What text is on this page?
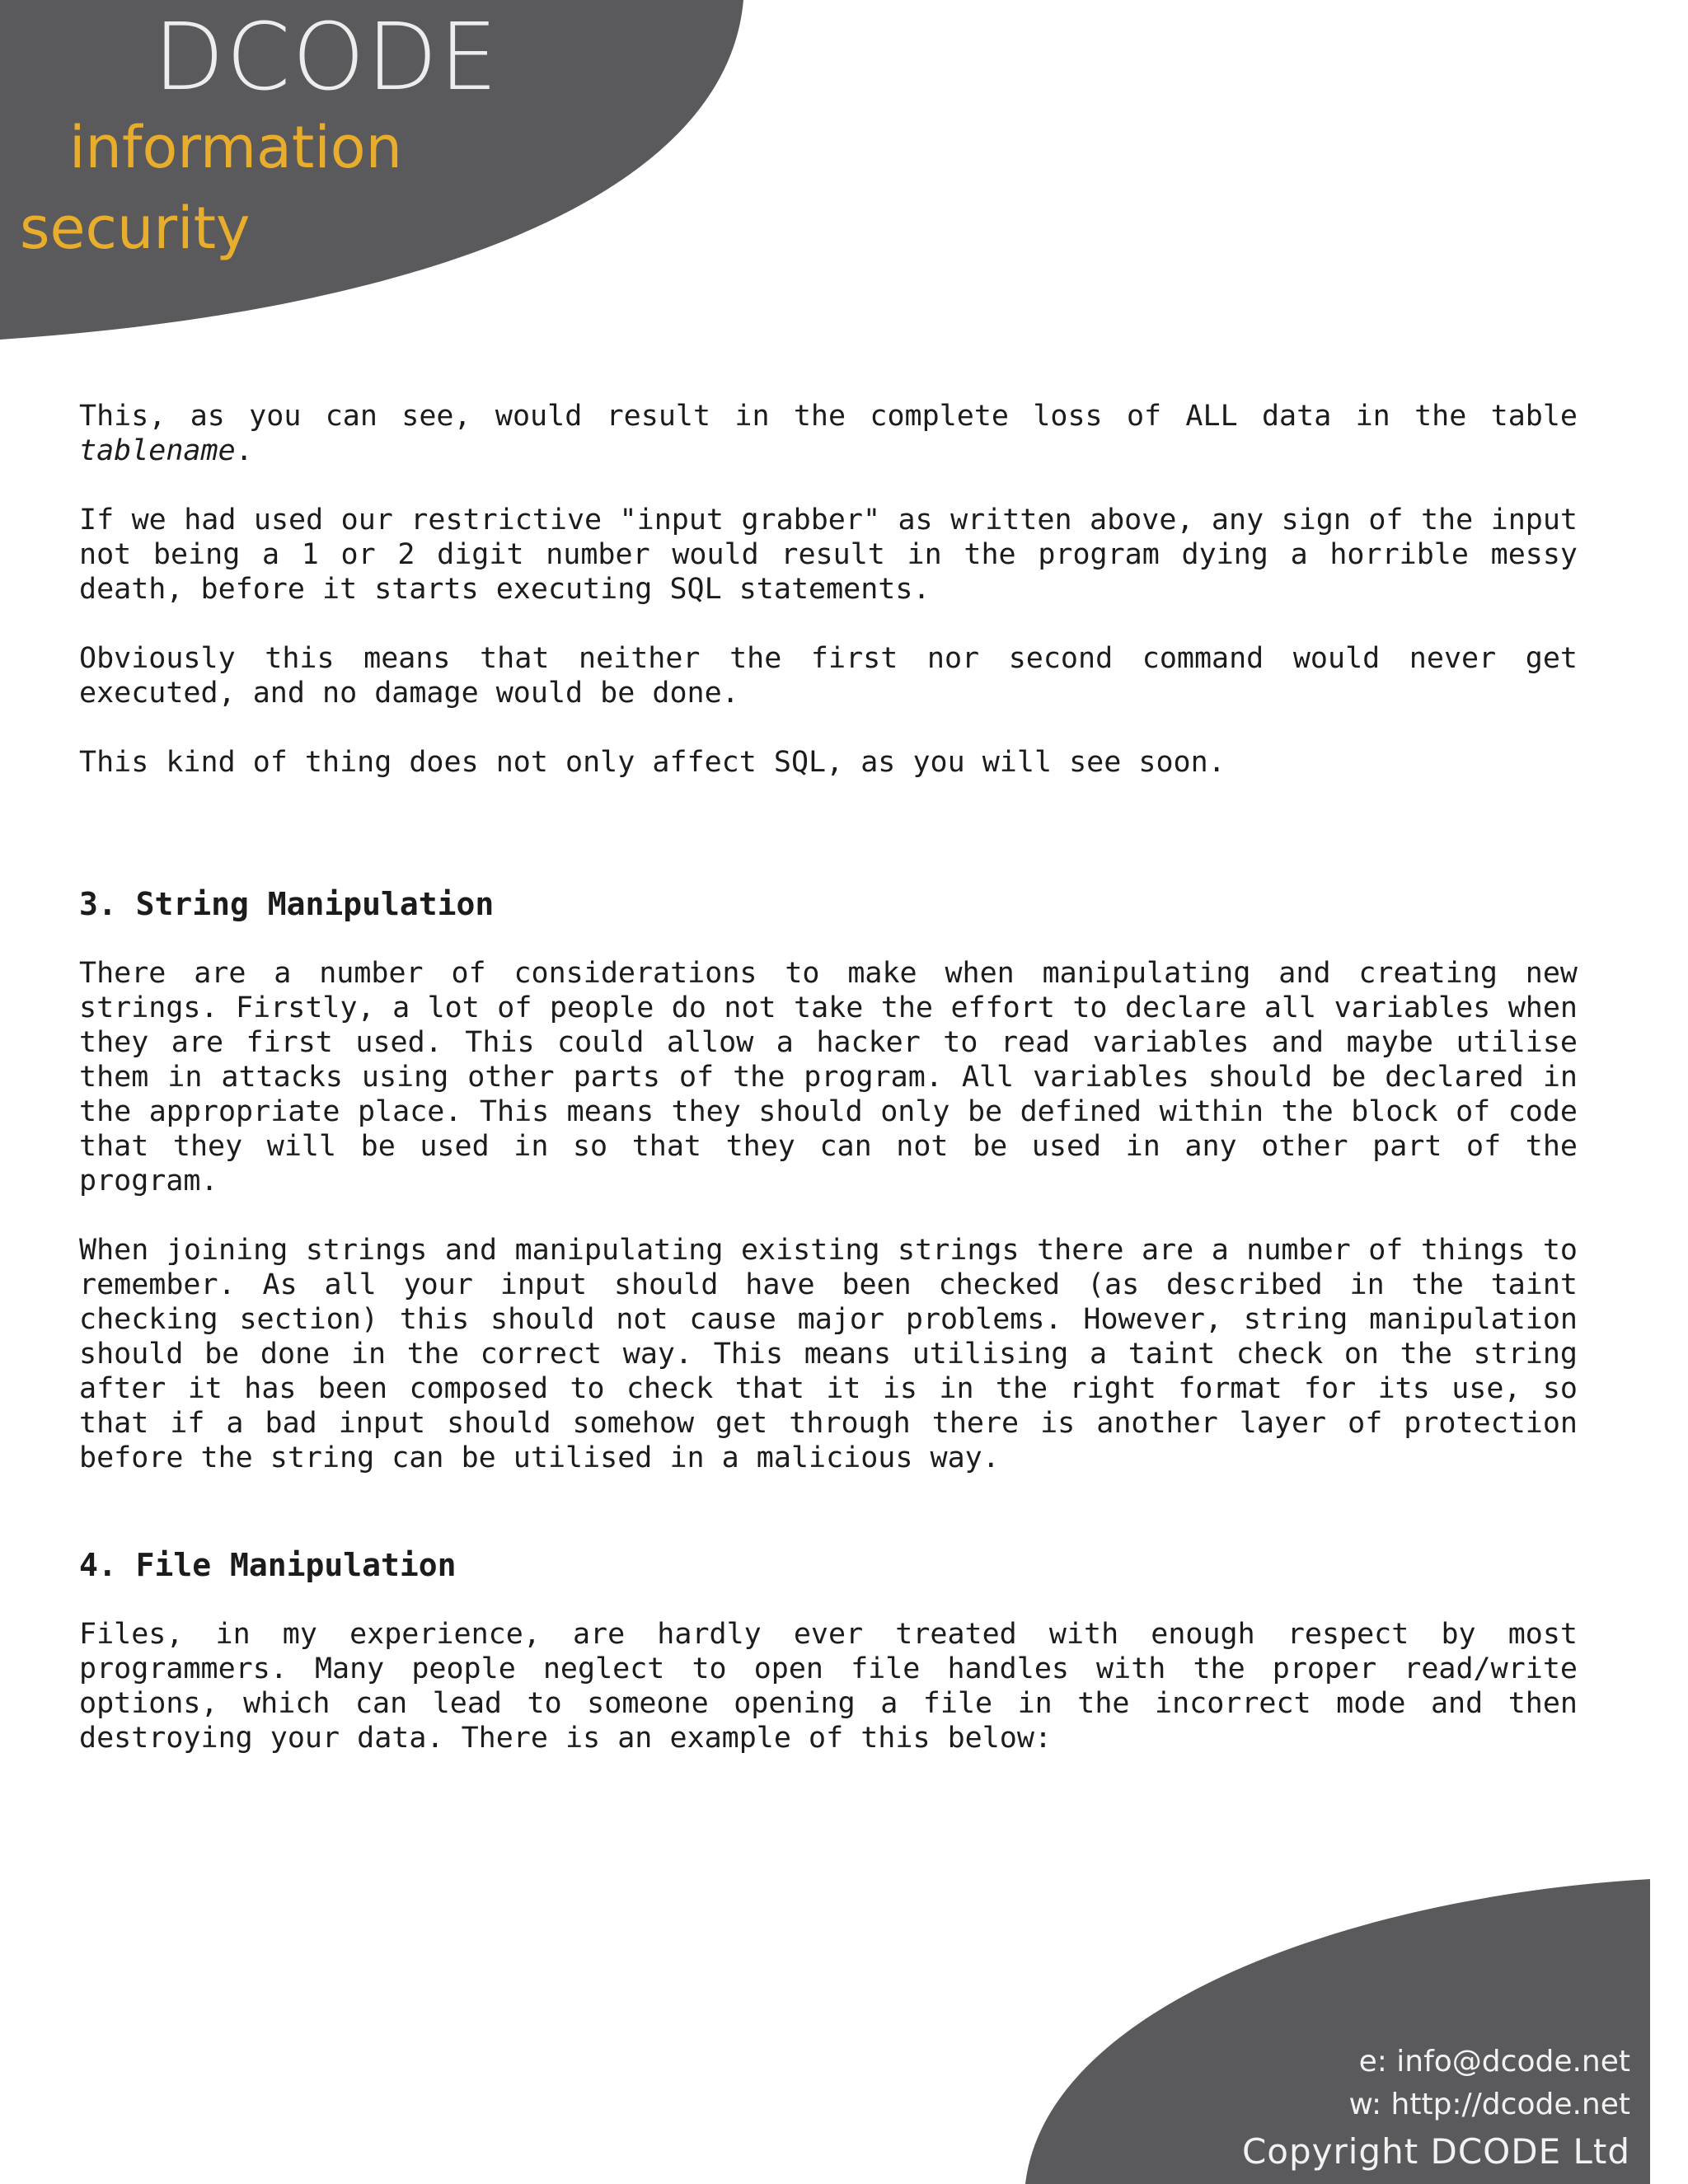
DCODE
information
security

This, as you can see, would result in the complete loss of ALL data in the table tablename.

If we had used our restrictive "input grabber" as written above, any sign of the input not being a 1 or 2 digit number would result in the program dying a horrible messy death, before it starts executing SQL statements.

Obviously this means that neither the first nor second command would never get executed, and no damage would be done.

This kind of thing does not only affect SQL, as you will see soon.

3. String Manipulation

There are a number of considerations to make when manipulating and creating new strings. Firstly, a lot of people do not take the effort to declare all variables when they are first used. This could allow a hacker to read variables and maybe utilise them in attacks using other parts of the program. All variables should be declared in the appropriate place. This means they should only be defined within the block of code that they will be used in so that they can not be used in any other part of the program.

When joining strings and manipulating existing strings there are a number of things to remember. As all your input should have been checked (as described in the taint checking section) this should not cause major problems. However, string manipulation should be done in the correct way. This means utilising a taint check on the string after it has been composed to check that it is in the right format for its use, so that if a bad input should somehow get through there is another layer of protection before the string can be utilised in a malicious way.

4. File Manipulation

Files, in my experience, are hardly ever treated with enough respect by most programmers. Many people neglect to open file handles with the proper read/write options, which can lead to someone opening a file in the incorrect mode and then destroying your data. There is an example of this below:

e: info@dcode.net
w: http://dcode.net
Copyright DCODE Ltd
